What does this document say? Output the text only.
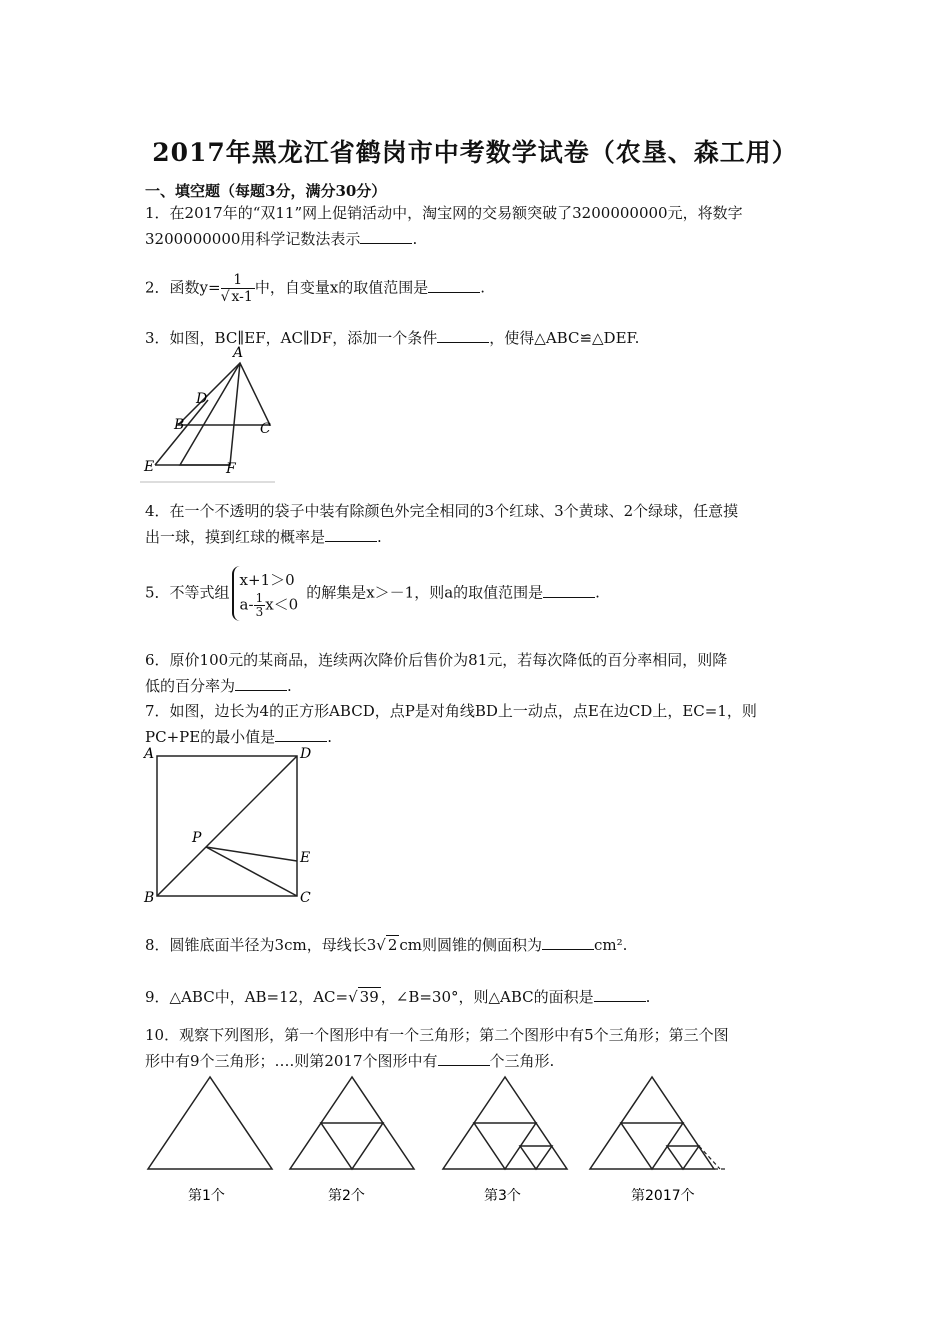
2017年黑龙江省鹤岗市中考数学试卷（农垦、森工用）
一、填空题（每题3分，满分30分）
1．在2017年的“双11”网上促销活动中，淘宝网的交易额突破了3200000000元，将数字
3200000000用科学记数法表示	.
2．函数$y= \frac{1}{√ x-1}$ 中，自变量x的取值范围是	.
3．如图，BC∥EF，AC∥DF，添加一个条件	，使得△ABC≌△DEF.
A
D
B	C
E	F
4．在一个不透明的袋子中装有除颜色外完全相同的3个红球、3个黄球、2个绿球，任意摸
出一球，摸到红球的概率是	.
5．不等式组
x+1＞0
$a- \frac{1}{3} x<0$
的解集是x＞－1，则a的取值范围是	.
6．原价100元的某商品，连续两次降价后售价为81元，若每次降低的百分率相同，则降
低的百分率为	.
7．如图，边长为4的正方形ABCD，点P是对角线BD上一动点，点E在边CD上，EC=1，则
PC+PE的最小值是	.
A	D
P
E
B	C
8．圆锥底面半径为3cm，母线长3√ 2 cm则圆锥的侧面积为	cm².
9．△ABC中，AB=12，AC=√ 39 ，∠B=30°，则△ABC的面积是	.
10．观察下列图形，第一个图形中有一个三角形；第二个图形中有5个三角形；第三个图
形中有9个三角形；….则第2017个图形中有	个三角形.
第1个	第2个	第3个	第2017个
